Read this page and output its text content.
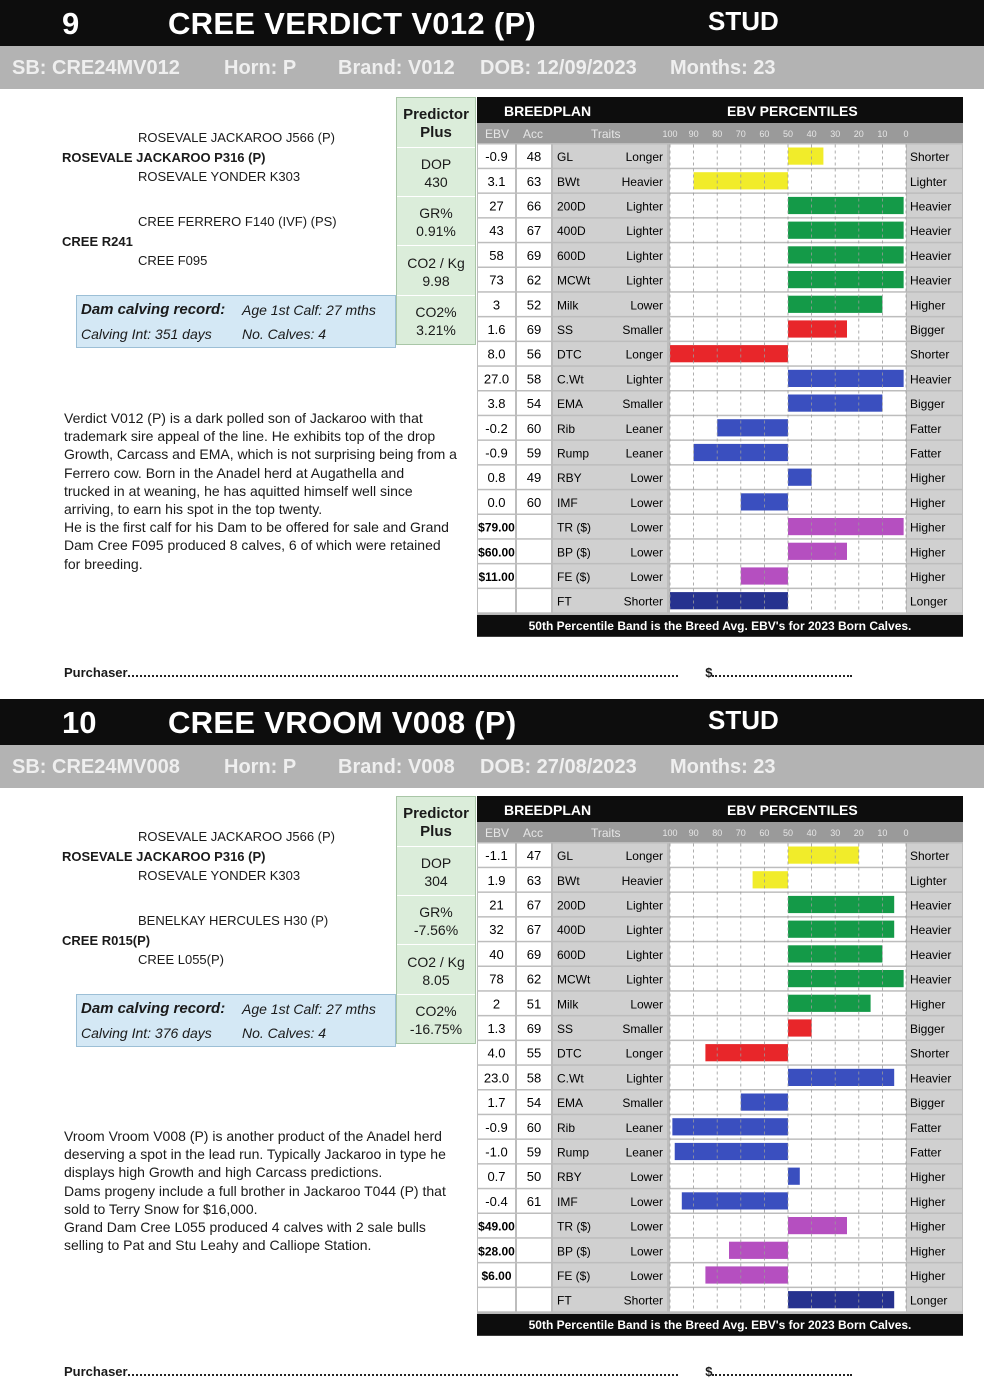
9	CREE VERDICT V012 (P)	STUD
SB: CRE24MV012 Horn: P Brand: V012 DOB: 12/09/2023 Months: 23
ROSEVALE JACKAROO J566 (P)
ROSEVALE JACKAROO P316 (P)
ROSEVALE YONDER K303
CREE FERRERO F140 (IVF) (PS)
CREE R241
CREE F095
Dam calving record: Age 1st Calf: 27 mths
Calving Int: 351 days No. Calves: 4
Predictor
Plus
DOP
430
GR%
0.91%
CO2 / Kg
9.98
CO2%
3.21%
Verdict V012 (P) is a dark polled son of Jackaroo with that
trademark sire appeal of the line. He exhibits top of the drop
Growth, Carcass and EMA, which is not surprising being from a
Ferrero cow. Born in the Anadel herd at Augathella and
trucked in at weaning, he has aquitted himself well since
arriving, to earn his spot in the top twenty.
He is the first calf for his Dam to be offered for sale and Grand
Dam Cree F095 produced 8 calves, 6 of which were retained
for breeding.
BREEDPLAN	EBV PERCENTILES
EBV Acc	Traits	100 90 80 70 60 50 40 30 20 10 0
-0.9 48 GL	Longer	Shorter
3.1 63 BWt	Heavier	Lighter
27 66 200D	Lighter	Heavier
43 67 400D	Lighter	Heavier
58 69 600D	Lighter	Heavier
73 62 MCWt	Lighter	Heavier
3 52 Milk	Lower	Higher
1.6 69 SS	Smaller	Bigger
8.0 56 DTC	Longer	Shorter
27.0 58 C.Wt	Lighter	Heavier
3.8 54 EMA	Smaller	Bigger
-0.2 60 Rib	Leaner	Fatter
-0.9 59 Rump	Leaner	Fatter
0.8 49 RBY	Lower	Higher
0.0 60 IMF	Lower	Higher
$79.00	TR ($)	Lower	Higher
$60.00	BP ($)	Lower	Higher
$11.00	FE ($)	Lower	Higher
FT	Shorter	Longer
50th Percentile Band is the Breed Avg. EBV's for 2023 Born Calves.
Purchaser	$
10 CREE VROOM V008 (P)	STUD
SB: CRE24MV008 Horn: P Brand: V008 DOB: 27/08/2023 Months: 23
ROSEVALE JACKAROO J566 (P)
ROSEVALE JACKAROO P316 (P)
ROSEVALE YONDER K303
BENELKAY HERCULES H30 (P)
CREE R015(P)
CREE L055(P)
Dam calving record: Age 1st Calf: 27 mths
Calving Int: 376 days No. Calves: 4
Predictor
Plus
DOP
304
GR%
-7.56%
CO2 / Kg
8.05
CO2%
-16.75%
Vroom Vroom V008 (P) is another product of the Anadel herd
deserving a spot in the lead run. Typically Jackaroo in type he
displays high Growth and high Carcass predictions.
Dams progeny include a full brother in Jackaroo T044 (P) that
sold to Terry Snow for $16,000.
Grand Dam Cree L055 produced 4 calves with 2 sale bulls
selling to Pat and Stu Leahy and Calliope Station.
BREEDPLAN	EBV PERCENTILES
EBV Acc	Traits	100 90 80 70 60 50 40 30 20 10 0
-1.1 47 GL	Longer	Shorter
1.9 63 BWt	Heavier	Lighter
21 67 200D	Lighter	Heavier
32 67 400D	Lighter	Heavier
40 69 600D	Lighter	Heavier
78 62 MCWt	Lighter	Heavier
2 51 Milk	Lower	Higher
1.3 69 SS	Smaller	Bigger
4.0 55 DTC	Longer	Shorter
23.0 58 C.Wt	Lighter	Heavier
1.7 54 EMA	Smaller	Bigger
-0.9 60 Rib	Leaner	Fatter
-1.0 59 Rump	Leaner	Fatter
0.7 50 RBY	Lower	Higher
-0.4 61 IMF	Lower	Higher
$49.00	TR ($)	Lower	Higher
$28.00	BP ($)	Lower	Higher
$6.00	FE ($)	Lower	Higher
FT	Shorter	Longer
50th Percentile Band is the Breed Avg. EBV's for 2023 Born Calves.
Purchaser	$
